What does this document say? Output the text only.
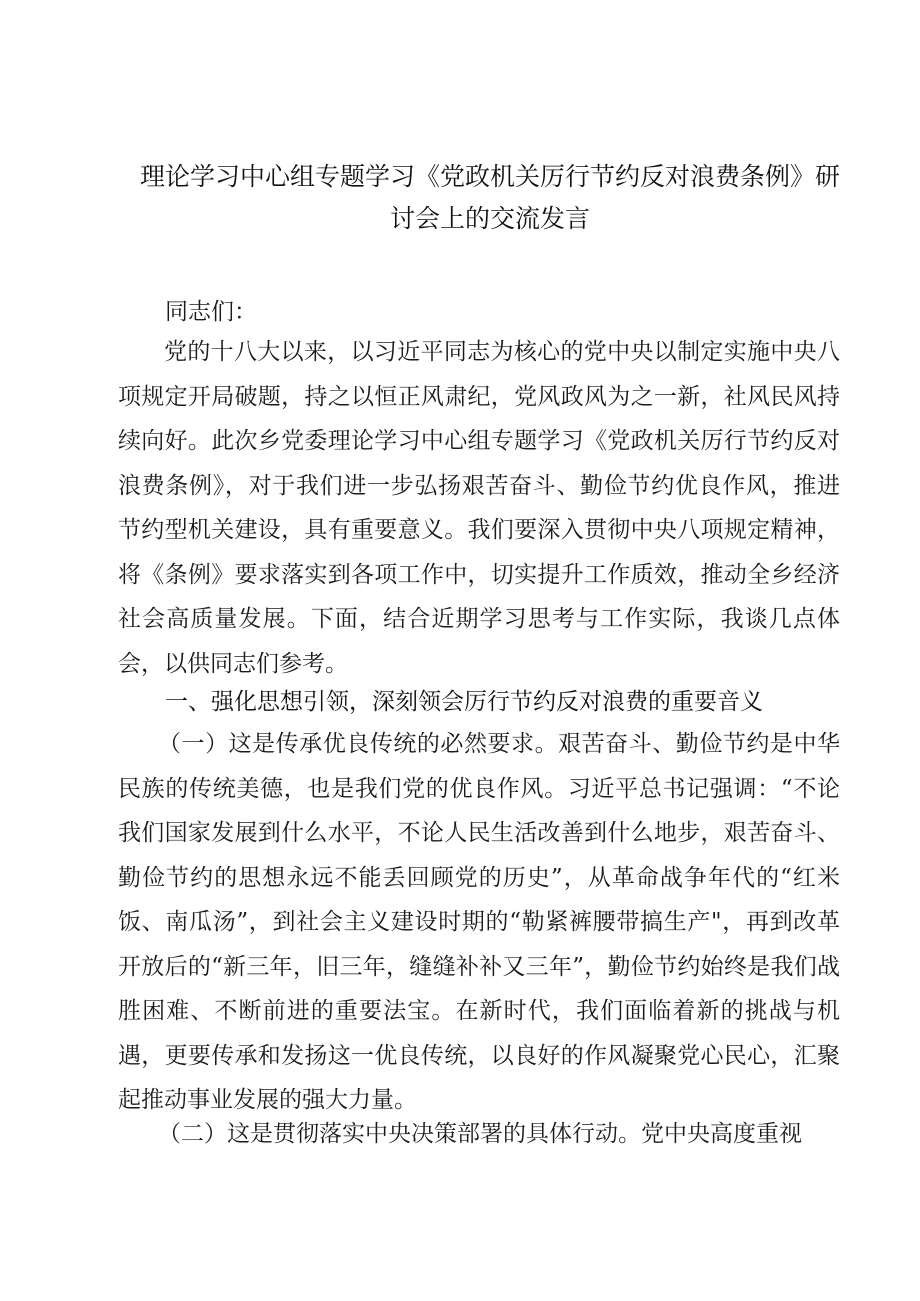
理论学习中心组专题学习《党政机关厉行节约反对浪费条例》研讨会上的交流发言

同志们：

党的十八大以来，以习近平同志为核心的党中央以制定实施中央八项规定开局破题，持之以恒正风肃纪，党风政风为之一新，社风民风持续向好。此次乡党委理论学习中心组专题学习《党政机关厉行节约反对浪费条例》，对于我们进一步弘扬艰苦奋斗、勤俭节约优良作风，推进节约型机关建设，具有重要意义。我们要深入贯彻中央八项规定精神，将《条例》要求落实到各项工作中，切实提升工作质效，推动全乡经济社会高质量发展。下面，结合近期学习思考与工作实际，我谈几点体会，以供同志们参考。

一、强化思想引领，深刻领会厉行节约反对浪费的重要音义

（一）这是传承优良传统的必然要求。艰苦奋斗、勤俭节约是中华民族的传统美德，也是我们党的优良作风。习近平总书记强调：“不论我们国家发展到什么水平，不论人民生活改善到什么地步，艰苦奋斗、勤俭节约的思想永远不能丢回顾党的历史”，从革命战争年代的“红米饭、南瓜汤”，到社会主义建设时期的“勒紧裤腰带搞生产"，再到改革开放后的“新三年，旧三年，缝缝补补又三年”，勤俭节约始终是我们战胜困难、不断前进的重要法宝。在新时代，我们面临着新的挑战与机遇，更要传承和发扬这一优良传统，以良好的作风凝聚党心民心，汇聚起推动事业发展的强大力量。

（二）这是贯彻落实中央决策部署的具体行动。党中央高度重视
